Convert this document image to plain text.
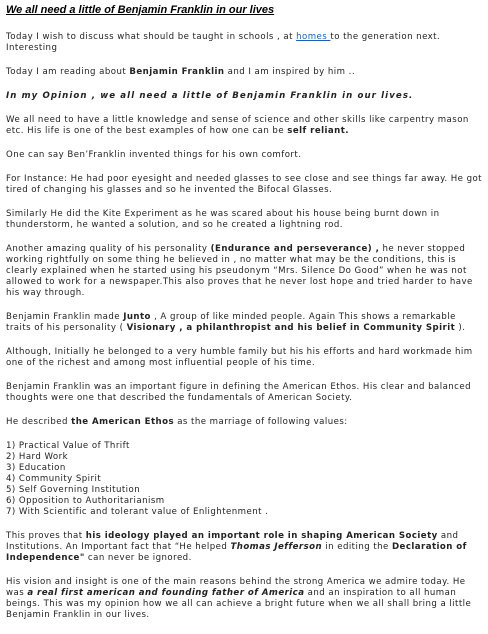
We all need a little of Benjamin Franklin in our lives

Today I wish to discuss what should be taught in schools , at homes to the generation next. Interesting

Today I am reading about Benjamin Franklin and I am inspired by him ..

In my Opinion , we all need a little of Benjamin Franklin in our lives.

We all need to have a little knowledge and sense of science and other skills like carpentry mason etc. His life is one of the best examples of how one can be self reliant.

One can say Ben’Franklin invented things for his own comfort.

For Instance: He had poor eyesight and needed glasses to see close and see things far away. He got tired of changing his glasses and so he invented the Bifocal Glasses.

Similarly He did the Kite Experiment as he was scared about his house being burnt down in thunderstorm, he wanted a solution, and so he created a lightning rod.

Another amazing quality of his personality (Endurance and perseverance) , he never stopped working rightfully on some thing he believed in , no matter what may be the conditions, this is clearly explained when he started using his pseudonym “Mrs. Silence Do Good” when he was not allowed to work for a newspaper.This also proves that he never lost hope and tried harder to have his way through.

Benjamin Franklin made Junto , A group of like minded people. Again This shows a remarkable traits of his personality ( Visionary , a philanthropist and his belief in Community Spirit ).

Although, Initially he belonged to a very humble family but his his efforts and hard workmade him one of the richest and among most influential people of his time.

Benjamin Franklin was an important figure in defining the American Ethos. His clear and balanced thoughts were one that described the fundamentals of American Society.

He described the American Ethos as the marriage of following values:

1) Practical Value of Thrift
2) Hard Work
3) Education
4) Community Spirit
5) Self Governing Institution
6) Opposition to Authoritarianism
7) With Scientific and tolerant value of Enlightenment .

This proves that his ideology played an important role in shaping American Society and Institutions. An Important fact that “He helped Thomas Jefferson in editing the Declaration of Independence" can never be ignored.

His vision and insight is one of the main reasons behind the strong America we admire today. He was a real first american and founding father of America and an inspiration to all human beings. This was my opinion how we all can achieve a bright future when we all shall bring a little Benjamin Franklin in our lives.
